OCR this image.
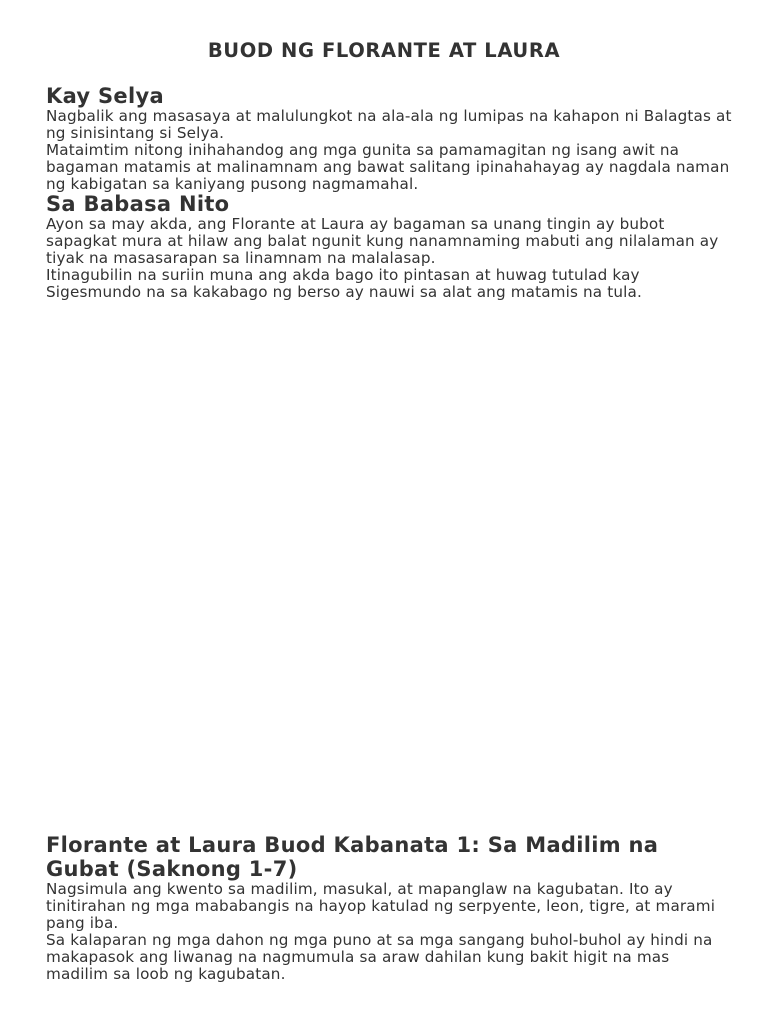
BUOD NG FLORANTE AT LAURA
Kay Selya

Nagbalik ang masasaya at malulungkot na ala-ala ng lumipas na kahapon ni Balagtas at ng sinisintang si Selya.

Mataimtim nitong inihahandog ang mga gunita sa pamamagitan ng isang awit na bagaman matamis at malinamnam ang bawat salitang ipinahahayag ay nagdala naman ng kabigatan sa kaniyang pusong nagmamahal.

Sa Babasa Nito

Ayon sa may akda, ang Florante at Laura ay bagaman sa unang tingin ay bubot sapagkat mura at hilaw ang balat ngunit kung nanamnaming mabuti ang nilalaman ay tiyak na masasarapan sa linamnam na malalasap.

Itinagubilin na suriin muna ang akda bago ito pintasan at huwag tutulad kay Sigesmundo na sa kakabago ng berso ay nauwi sa alat ang matamis na tula.

Florante at Laura Buod Kabanata 1: Sa Madilim na Gubat (Saknong 1-7)

Nagsimula ang kwento sa madilim, masukal, at mapanglaw na kagubatan. Ito ay tinitirahan ng mga mababangis na hayop katulad ng serpyente, leon, tigre, at marami pang iba.

Sa kalaparan ng mga dahon ng mga puno at sa mga sangang buhol-buhol ay hindi na makapasok ang liwanag na nagmumula sa araw dahilan kung bakit higit na mas madilim sa loob ng kagubatan.
